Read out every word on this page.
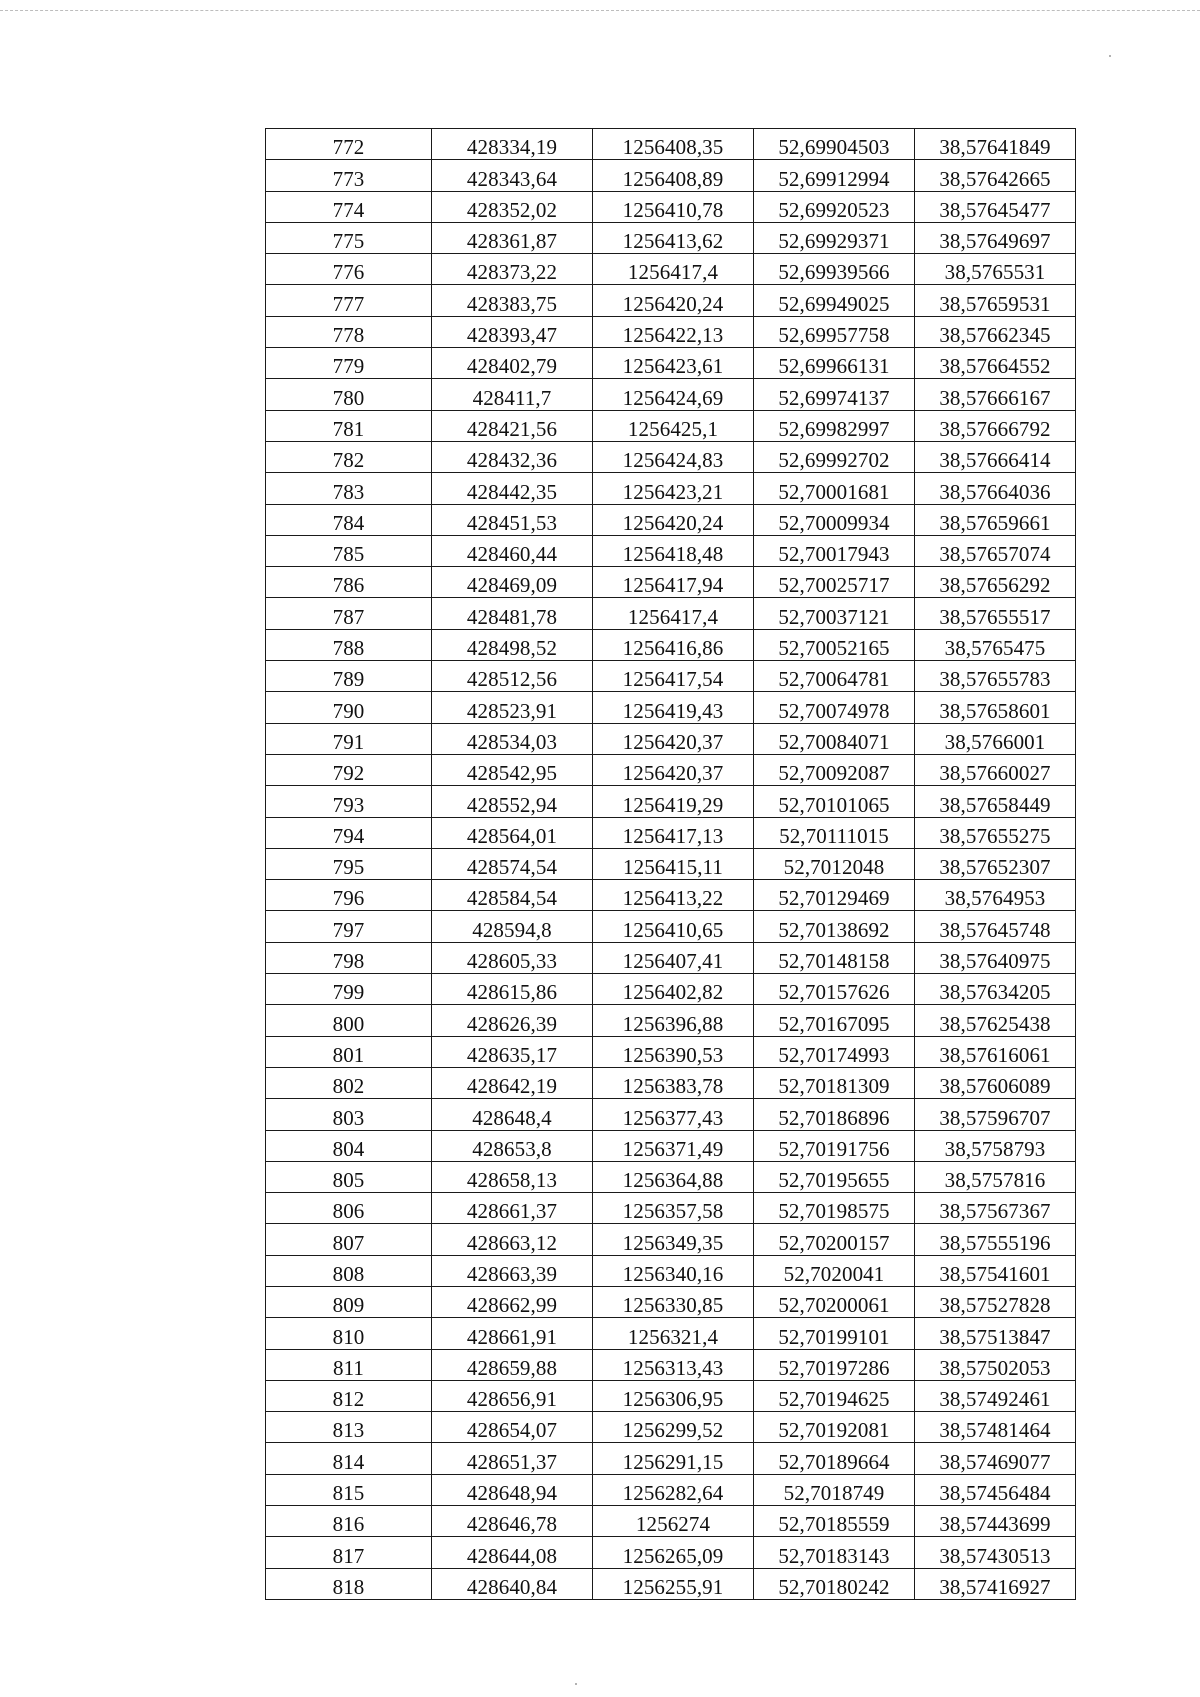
772	428334,19	1256408,35	52,69904503	38,57641849
773	428343,64	1256408,89	52,69912994	38,57642665
774	428352,02	1256410,78	52,69920523	38,57645477
775	428361,87	1256413,62	52,69929371	38,57649697
776	428373,22	1256417,4	52,69939566	38,5765531
777	428383,75	1256420,24	52,69949025	38,57659531
778	428393,47	1256422,13	52,69957758	38,57662345
779	428402,79	1256423,61	52,69966131	38,57664552
780	428411,7	1256424,69	52,69974137	38,57666167
781	428421,56	1256425,1	52,69982997	38,57666792
782	428432,36	1256424,83	52,69992702	38,57666414
783	428442,35	1256423,21	52,70001681	38,57664036
784	428451,53	1256420,24	52,70009934	38,57659661
785	428460,44	1256418,48	52,70017943	38,57657074
786	428469,09	1256417,94	52,70025717	38,57656292
787	428481,78	1256417,4	52,70037121	38,57655517
788	428498,52	1256416,86	52,70052165	38,5765475
789	428512,56	1256417,54	52,70064781	38,57655783
790	428523,91	1256419,43	52,70074978	38,57658601
791	428534,03	1256420,37	52,70084071	38,5766001
792	428542,95	1256420,37	52,70092087	38,57660027
793	428552,94	1256419,29	52,70101065	38,57658449
794	428564,01	1256417,13	52,70111015	38,57655275
795	428574,54	1256415,11	52,7012048	38,57652307
796	428584,54	1256413,22	52,70129469	38,5764953
797	428594,8	1256410,65	52,70138692	38,57645748
798	428605,33	1256407,41	52,70148158	38,57640975
799	428615,86	1256402,82	52,70157626	38,57634205
800	428626,39	1256396,88	52,70167095	38,57625438
801	428635,17	1256390,53	52,70174993	38,57616061
802	428642,19	1256383,78	52,70181309	38,57606089
803	428648,4	1256377,43	52,70186896	38,57596707
804	428653,8	1256371,49	52,70191756	38,5758793
805	428658,13	1256364,88	52,70195655	38,5757816
806	428661,37	1256357,58	52,70198575	38,57567367
807	428663,12	1256349,35	52,70200157	38,57555196
808	428663,39	1256340,16	52,7020041	38,57541601
809	428662,99	1256330,85	52,70200061	38,57527828
810	428661,91	1256321,4	52,70199101	38,57513847
811	428659,88	1256313,43	52,70197286	38,57502053
812	428656,91	1256306,95	52,70194625	38,57492461
813	428654,07	1256299,52	52,70192081	38,57481464
814	428651,37	1256291,15	52,70189664	38,57469077
815	428648,94	1256282,64	52,7018749	38,57456484
816	428646,78	1256274	52,70185559	38,57443699
817	428644,08	1256265,09	52,70183143	38,57430513
818	428640,84	1256255,91	52,70180242	38,57416927
